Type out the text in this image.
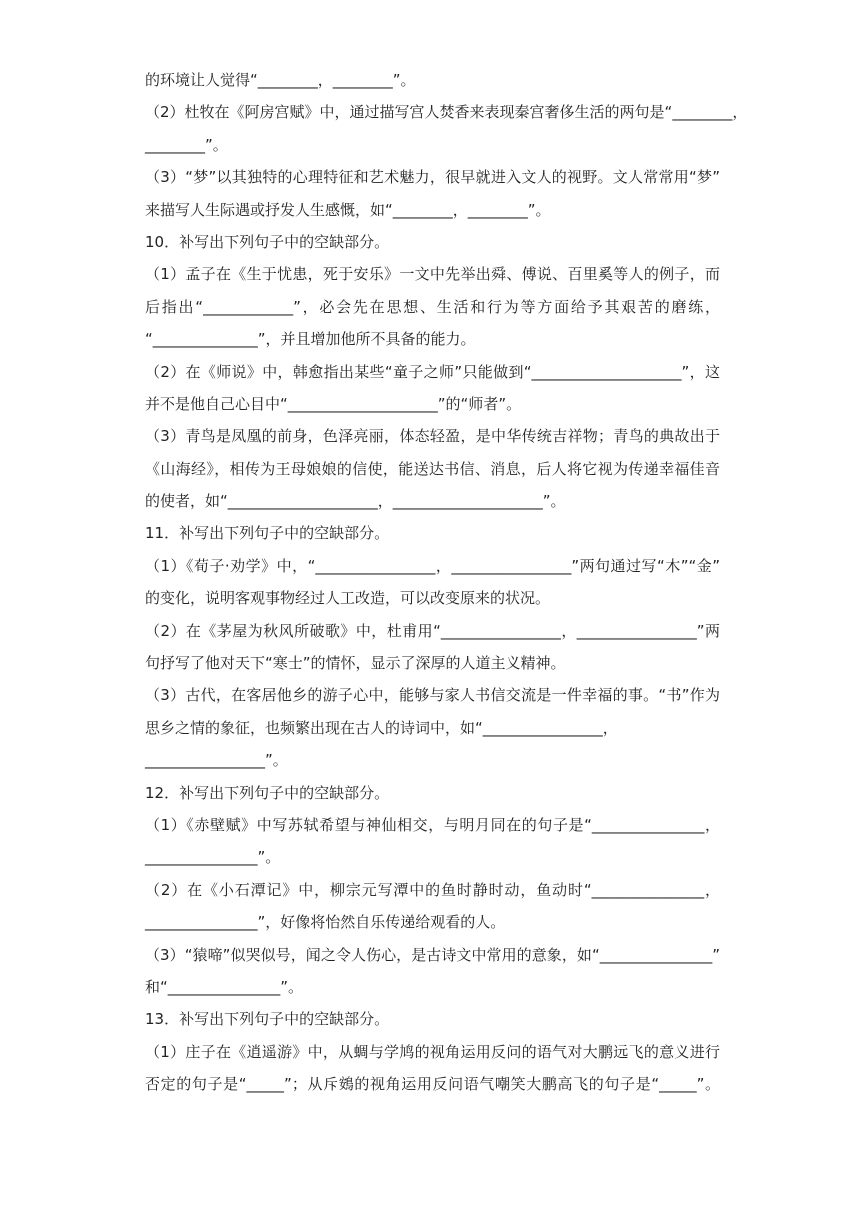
的环境让人觉得“________，________”。
（2）杜牧在《阿房宫赋》中，通过描写宫人焚香来表现秦宫奢侈生活的两句是“________，
________”。
（3）“梦”以其独特的心理特征和艺术魅力，很早就进入文人的视野。文人常常用“梦”
来描写人生际遇或抒发人生感慨，如“________，________”。
10．补写出下列句子中的空缺部分。
（1）孟子在《生于忧患，死于安乐》一文中先举出舜、傅说、百里奚等人的例子，而
后指出“____________”，必会先在思想、生活和行为等方面给予其艰苦的磨练，
“______________”，并且增加他所不具备的能力。
（2）在《师说》中，韩愈指出某些“童子之师”只能做到“____________________”，这
并不是他自己心目中“____________________”的“师者”。
（3）青鸟是凤凰的前身，色泽亮丽，体态轻盈，是中华传统吉祥物；青鸟的典故出于
《山海经》，相传为王母娘娘的信使，能送达书信、消息，后人将它视为传递幸福佳音
的使者，如“____________________，____________________”。
11．补写出下列句子中的空缺部分。
（1）《荀子·劝学》中，“________________，________________”两句通过写“木”“金”
的变化，说明客观事物经过人工改造，可以改变原来的状况。
（2）在《茅屋为秋风所破歌》中，杜甫用“________________，________________”两
句抒写了他对天下“寒士”的情怀，显示了深厚的人道主义精神。
（3）古代，在客居他乡的游子心中，能够与家人书信交流是一件幸福的事。“书”作为
思乡之情的象征，也频繁出现在古人的诗词中，如“________________，
________________”。
12．补写出下列句子中的空缺部分。
（1）《赤壁赋》中写苏轼希望与神仙相交，与明月同在的句子是“_______________，
_______________”。
（2）在《小石潭记》中，柳宗元写潭中的鱼时静时动，鱼动时“_______________，
_______________”，好像将怡然自乐传递给观看的人。
（3）“猿啼”似哭似号，闻之令人伤心，是古诗文中常用的意象，如“_______________”
和“_______________”。
13．补写出下列句子中的空缺部分。
（1）庄子在《逍遥游》中，从蜩与学鸠的视角运用反问的语气对大鹏远飞的意义进行
否定的句子是“_____”；从斥鴳的视角运用反问语气嘲笑大鹏高飞的句子是“_____”。
